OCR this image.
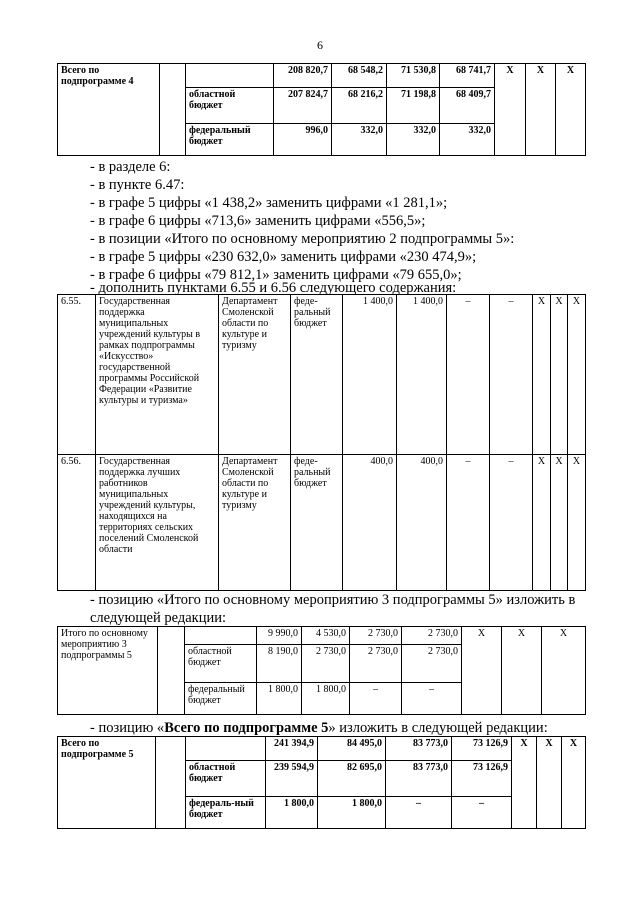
6
Всего по подпрограмме 4			208 820,7	68 548,2	71 530,8	68 741,7	X	X	X
		областной бюджет	207 824,7	68 216,2	71 198,8	68 409,7			
		федеральный бюджет	996,0	332,0	332,0	332,0			
- в разделе 6:
- в пункте 6.47:
- в графе 5 цифры «1 438,2» заменить цифрами «1 281,1»;
- в графе 6 цифры «713,6» заменить цифрами «556,5»;
- в позиции «Итого по основному мероприятию 2 подпрограммы 5»:
- в графе 5 цифры «230 632,0» заменить цифрами «230 474,9»;
- в графе 6 цифры «79 812,1» заменить цифрами «79 655,0»;
- дополнить пунктами 6.55 и 6.56 следующего содержания:
6.55.	Государственная поддержка муниципальных учреждений культуры в рамках подпрограммы «Искусство» государственной программы Российской Федерации «Развитие культуры и туризма»	Департамент Смоленской области по культуре и туризму	феде-ральный бюджет	1 400,0	1 400,0	–	–	X	X	X
6.56.	Государственная поддержка лучших работников муниципальных учреждений культуры, находящихся на территориях сельских поселений Смоленской области	Департамент Смоленской области по культуре и туризму	феде-ральный бюджет	400,0	400,0	–	–	X	X	X
- позицию «Итого по основному мероприятию 3 подпрограммы 5» изложить в следующей редакции:
Итого по основному мероприятию 3 подпрограммы 5			9 990,0	4 530,0	2 730,0	2 730,0	X	X	X
		областной бюджет	8 190,0	2 730,0	2 730,0	2 730,0			
		федеральный бюджет	1 800,0	1 800,0	–	–			
- позицию «Всего по подпрограмме 5» изложить в следующей редакции:
Всего по подпрограмме 5			241 394,9	84 495,0	83 773,0	73 126,9	X	X	X
		областной бюджет	239 594,9	82 695,0	83 773,0	73 126,9			
		федераль-ный бюджет	1 800,0	1 800,0	–	–			
